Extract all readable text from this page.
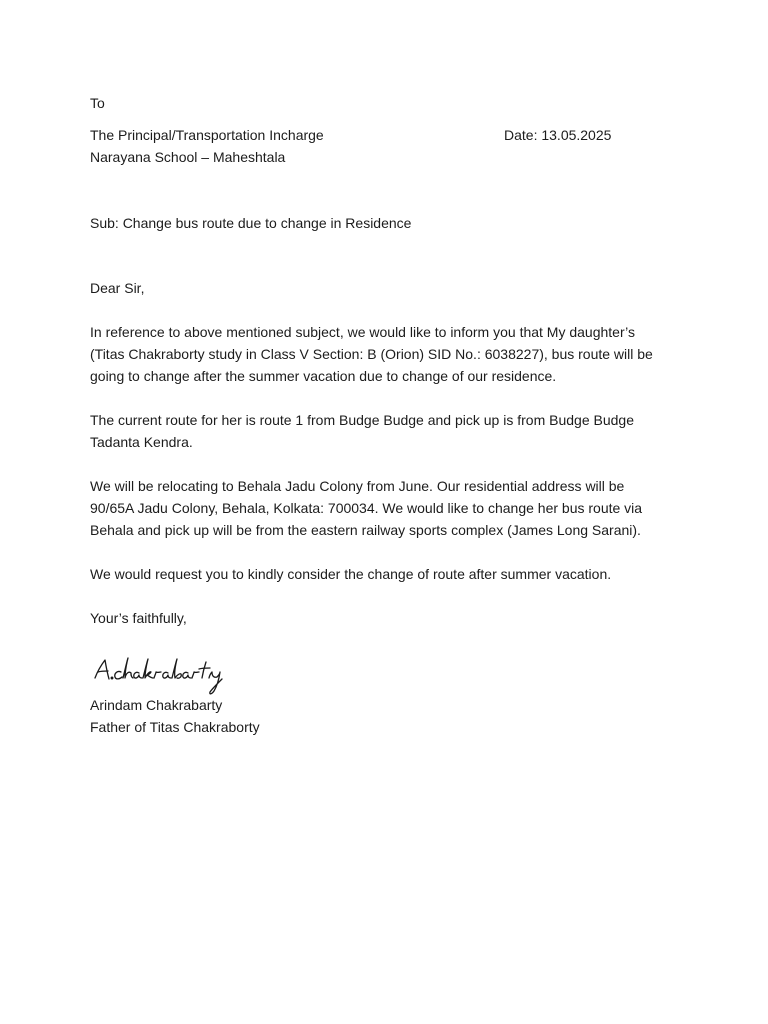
To
The Principal/Transportation Incharge	Date: 13.05.2025
Narayana School – Maheshtala
Sub: Change bus route due to change in Residence
Dear Sir,
In reference to above mentioned subject, we would like to inform you that My daughter’s
(Titas Chakraborty study in Class V Section: B (Orion) SID No.: 6038227), bus route will be
going to change after the summer vacation due to change of our residence.
The current route for her is route 1 from Budge Budge and pick up is from Budge Budge
Tadanta Kendra.
We will be relocating to Behala Jadu Colony from June. Our residential address will be
90/65A Jadu Colony, Behala, Kolkata: 700034. We would like to change her bus route via
Behala and pick up will be from the eastern railway sports complex (James Long Sarani).
We would request you to kindly consider the change of route after summer vacation.
Your’s faithfully,
Arindam Chakrabarty
Father of Titas Chakraborty
